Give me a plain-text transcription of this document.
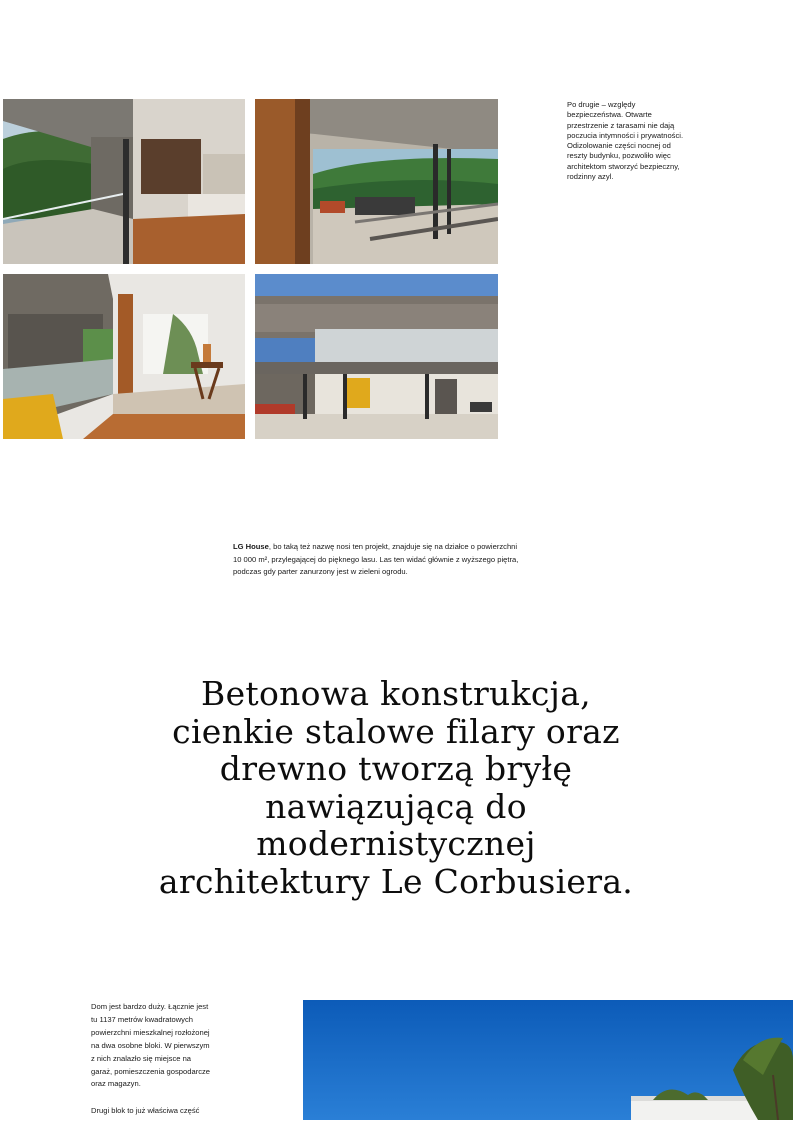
Po drugie – względy

bezpieczeństwa. Otwarte

przestrzenie z tarasami nie dają

poczucia intymności i prywatności.

Odizolowanie części nocnej od

reszty budynku, pozwoliło więc

architektom stworzyć bezpieczny,

rodzinny azyl.

LG House, bo taką też nazwę nosi ten projekt, znajduje się na działce o powierzchni
10 000 m², przylegającej do pięknego lasu. Las ten widać głównie z wyższego piętra,
podczas gdy parter zanurzony jest w zieleni ogrodu.
Betonowa konstrukcja,
cienkie stalowe filary oraz
drewno tworzą bryłę
nawiązującą do
modernistycznej
architektury Le Corbusiera.

Dom jest bardzo duży. Łącznie jest
tu 1137 metrów kwadratowych
powierzchni mieszkalnej rozłożonej
na dwa osobne bloki. W pierwszym
z nich znalazło się miejsce na
garaż, pomieszczenia gospodarcze
oraz magazyn.

Drugi blok to już właściwa część
